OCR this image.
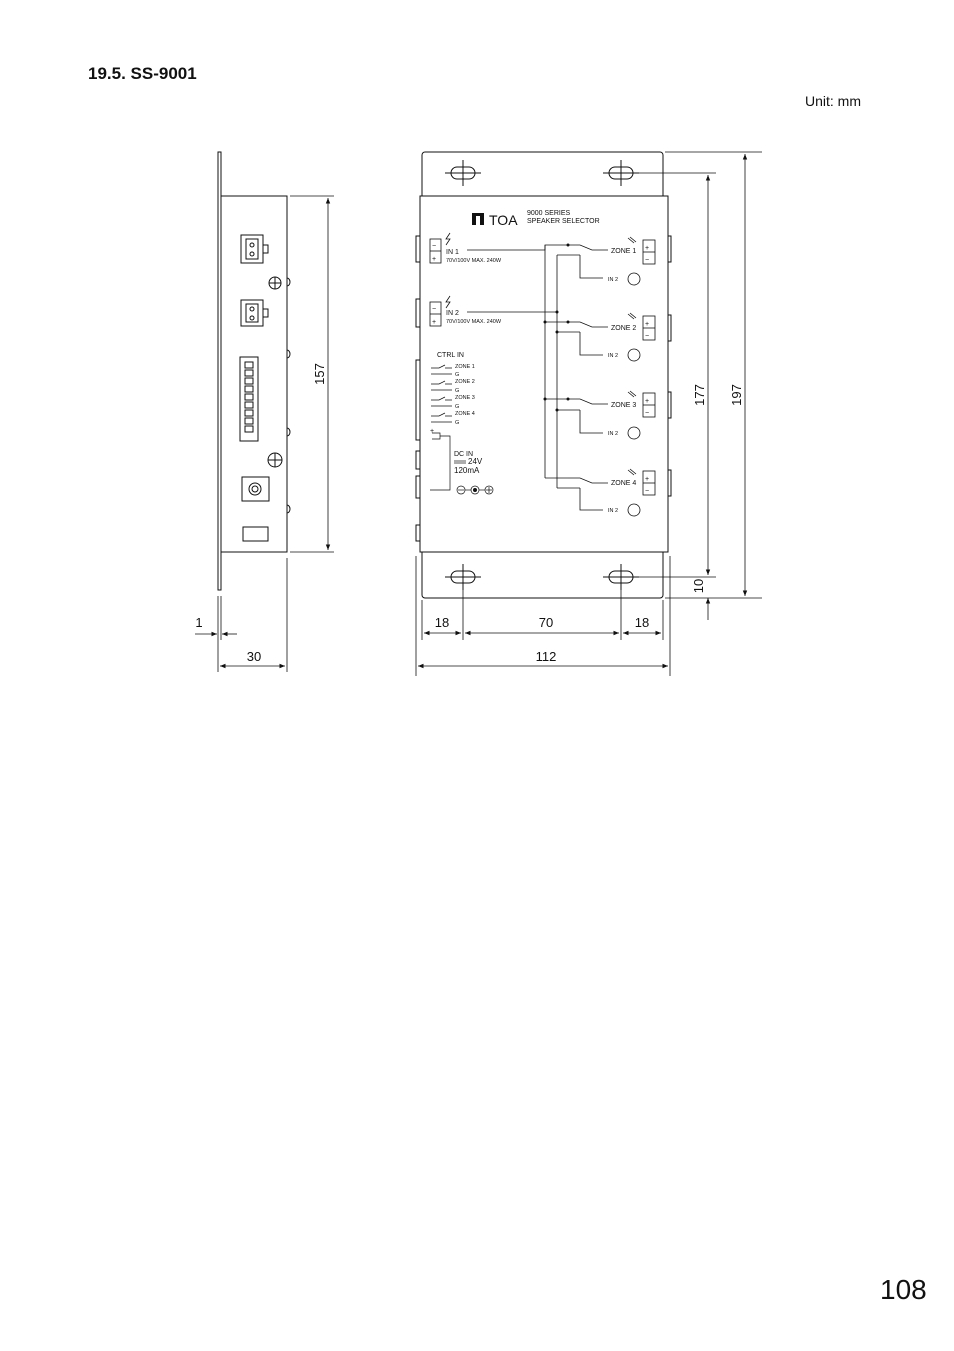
19.5. SS-9001
Unit: mm
108
157
1
30
TOA 9000 SERIES
SPEAKER SELECTOR
−
+
−
+
IN 1
70V/100V MAX. 240W
IN 2
70V/100V MAX. 240W
ZONE 1
ZONE 2
ZONE 3
ZONE 4
IN 2
IN 2
IN 2
IN 2
+
−
+
−
+
−
+
−
CTRL IN
ZONE 1
G
ZONE 2
G
ZONE 3
G
ZONE 4
G
+
DC IN
24V
120mA
197
177
10
18	70	18
112
